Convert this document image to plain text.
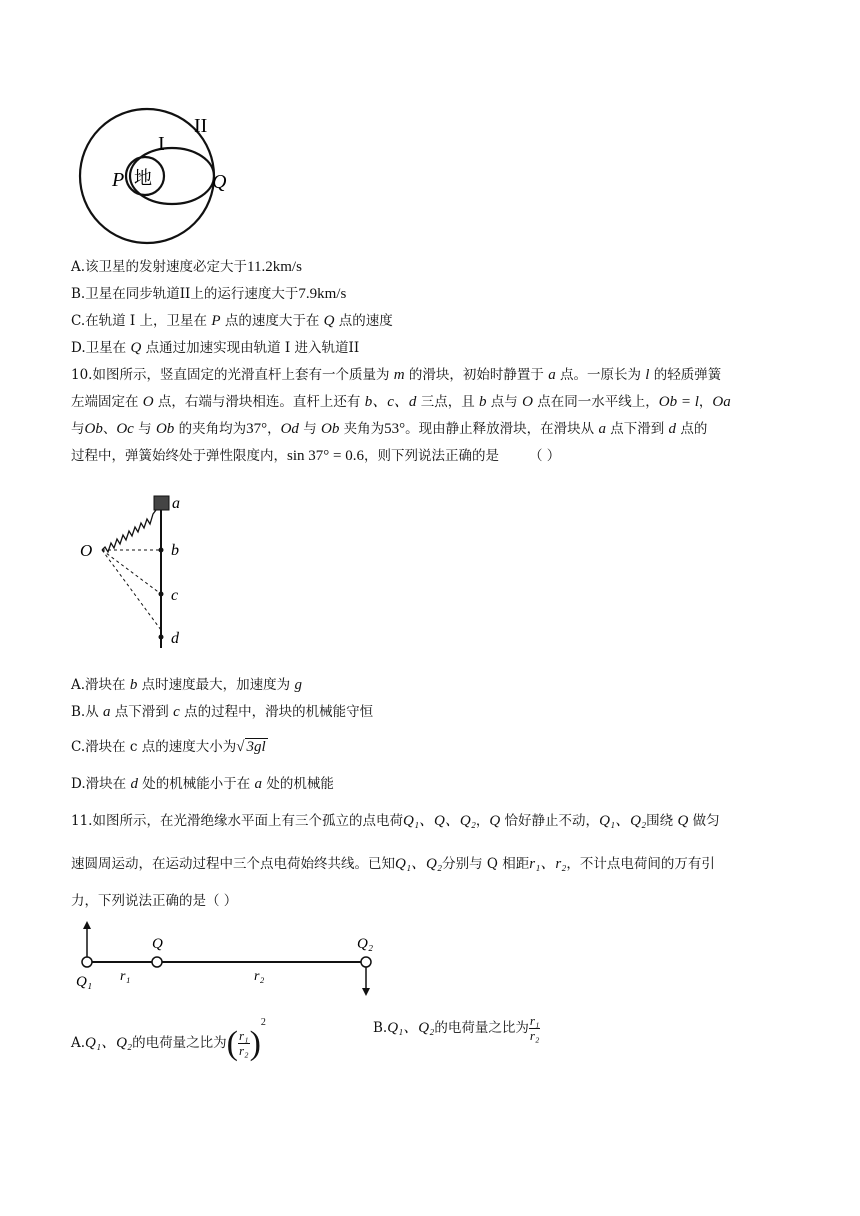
I
II
P 地	Q
A.该卫星的发射速度必定大于11.2km/s
B.卫星在同步轨道II上的运行速度大于7.9km/s
C.在轨道 I 上，卫星在 P 点的速度大于在 Q 点的速度
D.卫星在 Q 点通过加速实现由轨道 I 进入轨道II
10.如图所示，竖直固定的光滑直杆上套有一个质量为 m 的滑块，初始时静置于 a 点。一原长为 l 的轻质弹簧
左端固定在 O 点，右端与滑块相连。直杆上还有 b、c、d 三点，且 b 点与 O 点在同一水平线上，Ob = l，Oa
与Ob、Oc 与 Ob 的夹角均为37°，Od 与 Ob 夹角为53°。现由静止释放滑块，在滑块从 a 点下滑到 d 点的
过程中，弹簧始终处于弹性限度内，sin 37° = 0.6，则下列说法正确的是 （ ）
a
O	b
c
d
A.滑块在 b 点时速度最大，加速度为 g
B.从 a 点下滑到 c 点的过程中，滑块的机械能守恒
C.滑块在 c 点的速度大小为√ 3gl
D.滑块在 d 处的机械能小于在 a 处的机械能
11.如图所示，在光滑绝缘水平面上有三个孤立的点电荷Q₁、Q、Q₂，Q 恰好静止不动，Q₁、Q₂围绕 Q 做匀
速圆周运动，在运动过程中三个点电荷始终共线。已知Q₁、Q₂分别与 Q 相距r₁、r₂，不计点电荷间的万有引
力，下列说法正确的是（ ）
Q₁
Q	Q₂
r₁	r₂
A.Q₁、Q₂的电荷量之比为( $\frac{\text{r₁}}{\text{r₂}} )^2$	B.Q₁、Q₂的电荷量之比为 $\frac{\text{r₁}}{\text{r₂}}$
